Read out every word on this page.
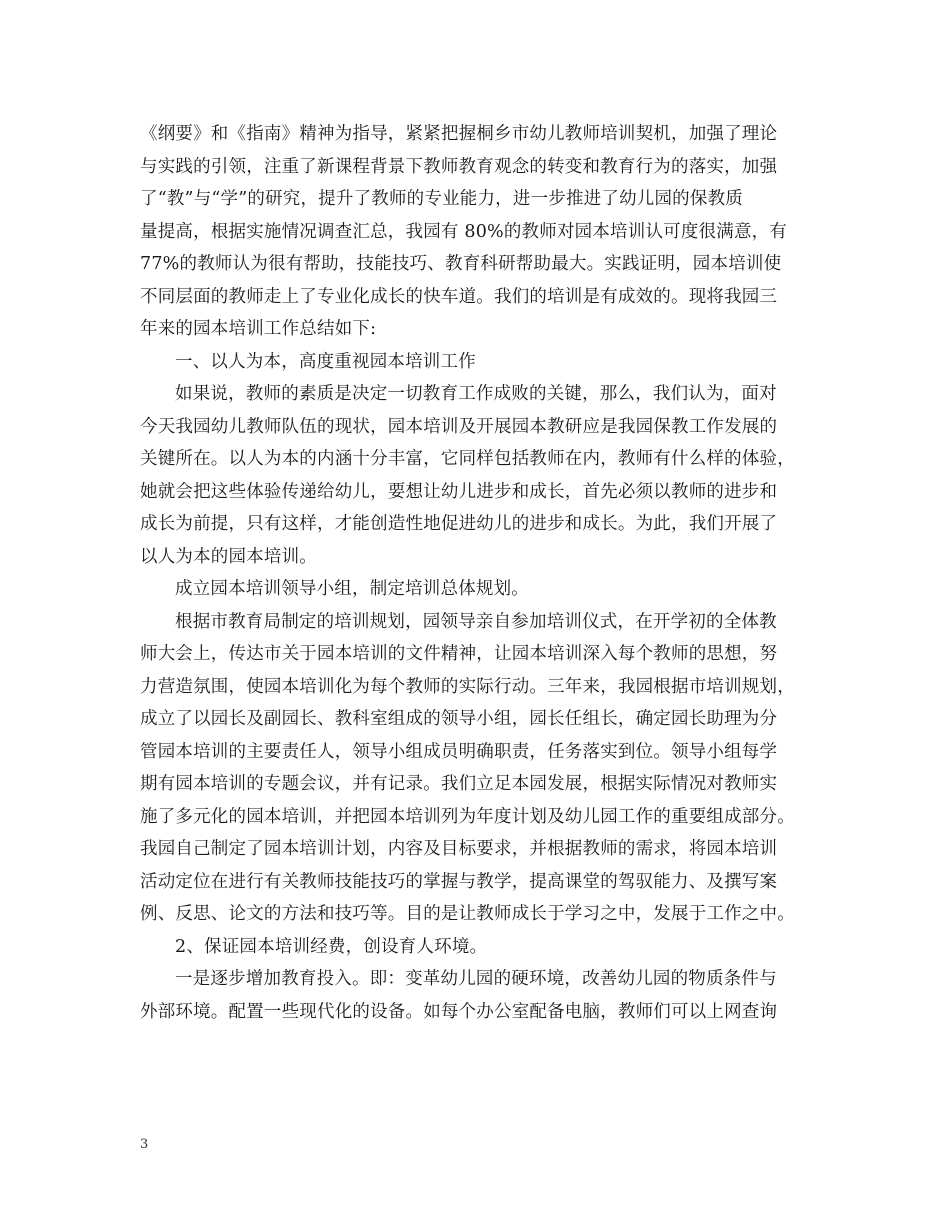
《纲要》和《指南》精神为指导，紧紧把握桐乡市幼儿教师培训契机，加强了理论
与实践的引领，注重了新课程背景下教师教育观念的转变和教育行为的落实，加强
了“教”与“学”的研究，提升了教师的专业能力，进一步推进了幼儿园的保教质
量提高，根据实施情况调查汇总，我园有 80%的教师对园本培训认可度很满意，有
77%的教师认为很有帮助，技能技巧、教育科研帮助最大。实践证明，园本培训使
不同层面的教师走上了专业化成长的快车道。我们的培训是有成效的。现将我园三
年来的园本培训工作总结如下:
一、以人为本，高度重视园本培训工作
如果说，教师的素质是决定一切教育工作成败的关键，那么，我们认为，面对
今天我园幼儿教师队伍的现状，园本培训及开展园本教研应是我园保教工作发展的
关键所在。以人为本的内涵十分丰富，它同样包括教师在内，教师有什么样的体验，
她就会把这些体验传递给幼儿，要想让幼儿进步和成长，首先必须以教师的进步和
成长为前提，只有这样，才能创造性地促进幼儿的进步和成长。为此，我们开展了
以人为本的园本培训。
成立园本培训领导小组，制定培训总体规划。
根据市教育局制定的培训规划，园领导亲自参加培训仪式，在开学初的全体教
师大会上，传达市关于园本培训的文件精神，让园本培训深入每个教师的思想，努
力营造氛围，使园本培训化为每个教师的实际行动。三年来，我园根据市培训规划，
成立了以园长及副园长、教科室组成的领导小组，园长任组长，确定园长助理为分
管园本培训的主要责任人，领导小组成员明确职责，任务落实到位。领导小组每学
期有园本培训的专题会议，并有记录。我们立足本园发展，根据实际情况对教师实
施了多元化的园本培训，并把园本培训列为年度计划及幼儿园工作的重要组成部分。
我园自己制定了园本培训计划，内容及目标要求，并根据教师的需求，将园本培训
活动定位在进行有关教师技能技巧的掌握与教学，提高课堂的驾驭能力、及撰写案
例、反思、论文的方法和技巧等。目的是让教师成长于学习之中，发展于工作之中。
2、保证园本培训经费，创设育人环境。
一是逐步增加教育投入。即：变革幼儿园的硬环境，改善幼儿园的物质条件与
外部环境。配置一些现代化的设备。如每个办公室配备电脑，教师们可以上网查询
3
